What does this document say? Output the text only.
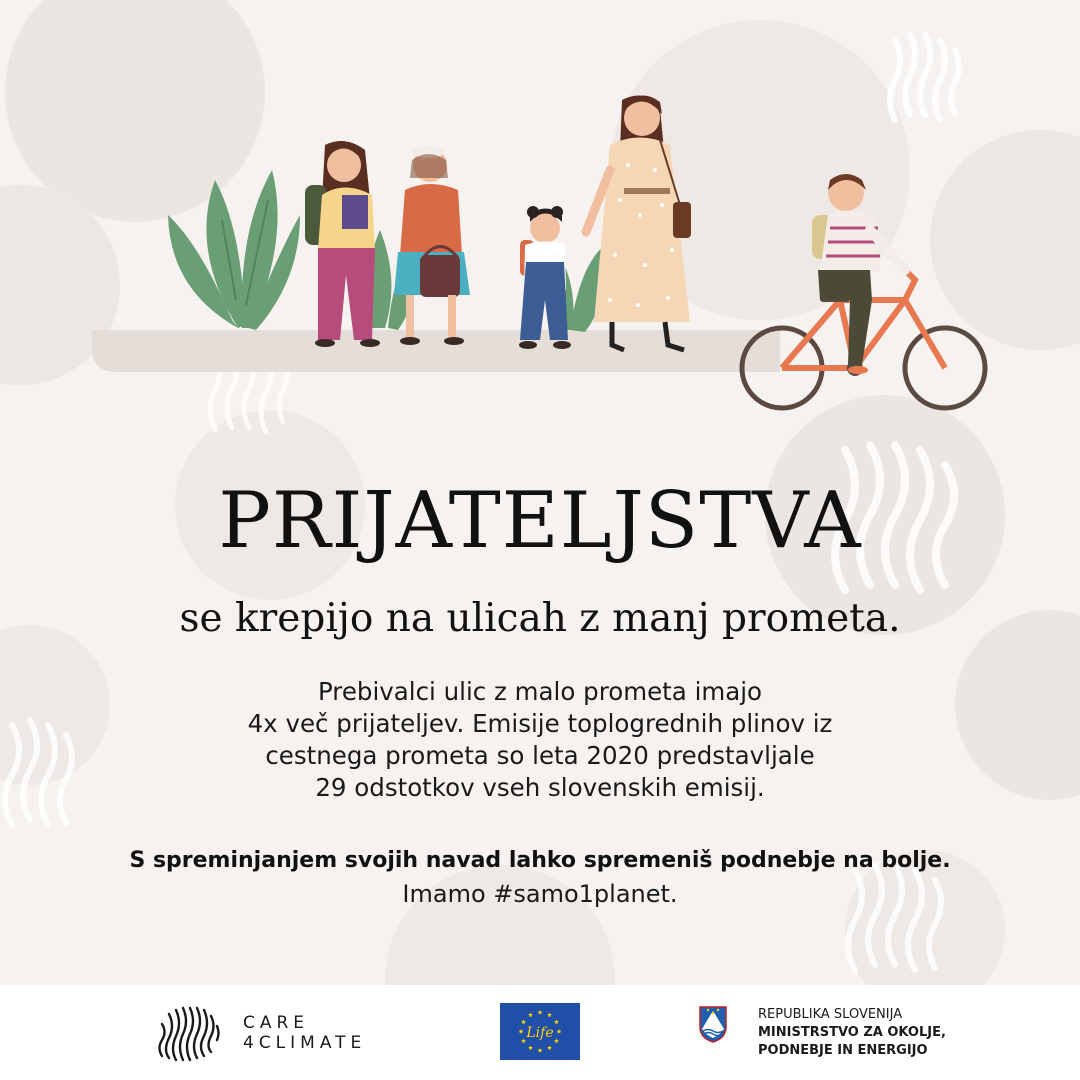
PRIJATELJSTVA
se krepijo na ulicah z manj prometa.
Prebivalci ulic z malo prometa imajo
4x več prijateljev. Emisije toplogrednih plinov iz
cestnega prometa so leta 2020 predstavljale
29 odstotkov vseh slovenskih emisij.
S spreminjanjem svojih navad lahko spremeniš podnebje na bolje.
Imamo #samo1planet.
CARE
4CLIMATE	Life
REPUBLIKA SLOVENIJA
MINISTRSTVO ZA OKOLJE,
PODNEBJE IN ENERGIJO
